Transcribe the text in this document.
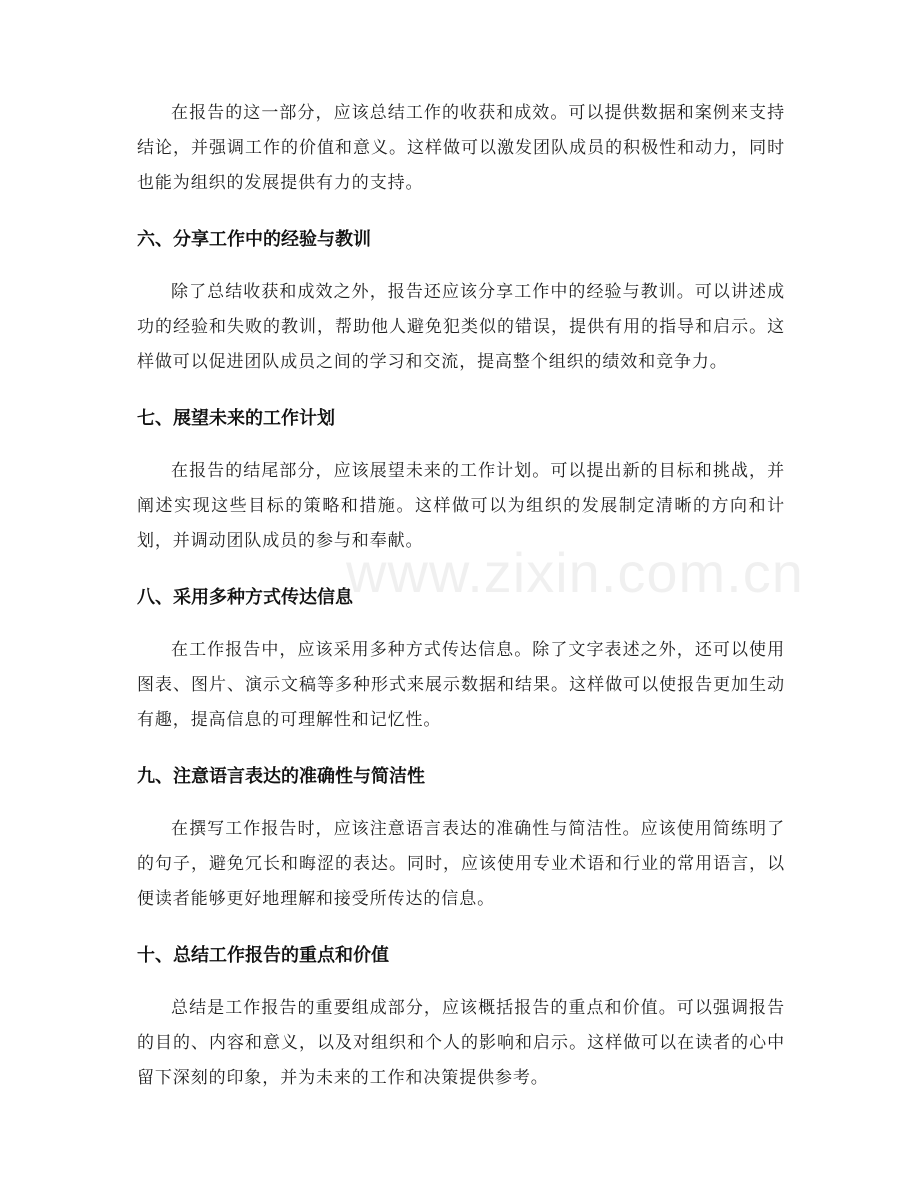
www.zixin.com.cn

在报告的这一部分，应该总结工作的收获和成效。可以提供数据和案例来支持结论，并强调工作的价值和意义。这样做可以激发团队成员的积极性和动力，同时也能为组织的发展提供有力的支持。

六、分享工作中的经验与教训

除了总结收获和成效之外，报告还应该分享工作中的经验与教训。可以讲述成功的经验和失败的教训，帮助他人避免犯类似的错误，提供有用的指导和启示。这样做可以促进团队成员之间的学习和交流，提高整个组织的绩效和竞争力。

七、展望未来的工作计划

在报告的结尾部分，应该展望未来的工作计划。可以提出新的目标和挑战，并阐述实现这些目标的策略和措施。这样做可以为组织的发展制定清晰的方向和计划，并调动团队成员的参与和奉献。

八、采用多种方式传达信息

在工作报告中，应该采用多种方式传达信息。除了文字表述之外，还可以使用图表、图片、演示文稿等多种形式来展示数据和结果。这样做可以使报告更加生动有趣，提高信息的可理解性和记忆性。

九、注意语言表达的准确性与简洁性

在撰写工作报告时，应该注意语言表达的准确性与简洁性。应该使用简练明了的句子，避免冗长和晦涩的表达。同时，应该使用专业术语和行业的常用语言，以便读者能够更好地理解和接受所传达的信息。

十、总结工作报告的重点和价值

总结是工作报告的重要组成部分，应该概括报告的重点和价值。可以强调报告的目的、内容和意义，以及对组织和个人的影响和启示。这样做可以在读者的心中留下深刻的印象，并为未来的工作和决策提供参考。
